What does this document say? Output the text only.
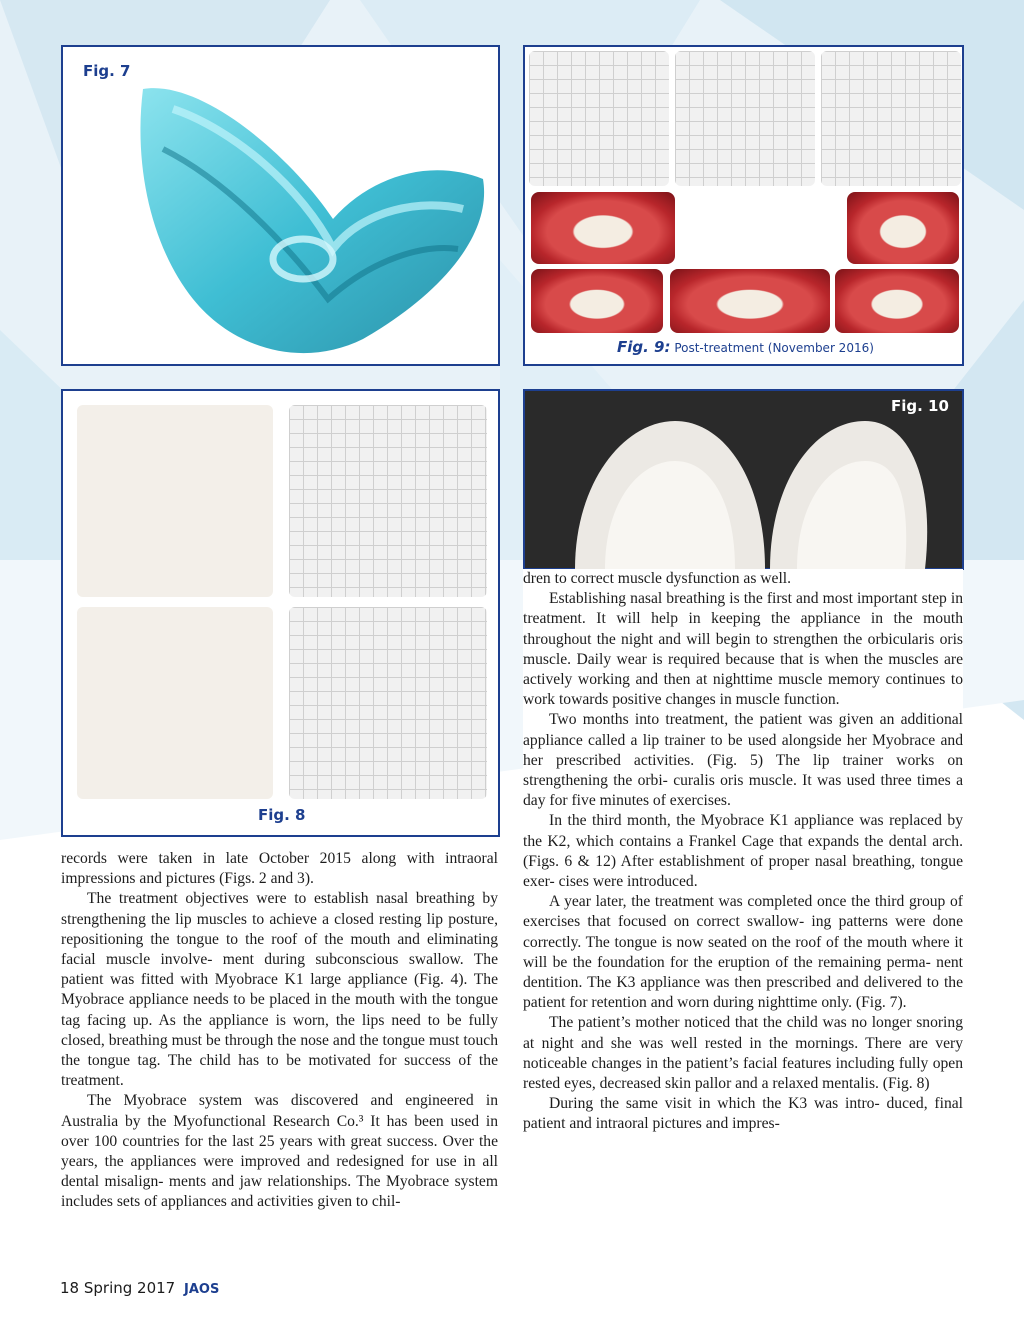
Fig. 7
Fig. 9: Post-treatment (November 2016)
Fig. 8
Fig. 10

records were taken in late October 2015 along with intraoral impressions and pictures (Figs. 2 and 3).

The treatment objectives were to establish nasal breathing by strengthening the lip muscles to achieve a closed resting lip posture, repositioning the tongue to the roof of the mouth and eliminating facial muscle involve- ment during subconscious swallow. The patient was fitted with Myobrace K1 large appliance (Fig. 4). The Myobrace appliance needs to be placed in the mouth with the tongue tag facing up. As the appliance is worn, the lips need to be fully closed, breathing must be through the nose and the tongue must touch the tongue tag. The child has to be motivated for success of the treatment.

The Myobrace system was discovered and engineered in Australia by the Myofunctional Research Co.³ It has been used in over 100 countries for the last 25 years with great success. Over the years, the appliances were improved and redesigned for use in all dental misalign- ments and jaw relationships. The Myobrace system includes sets of appliances and activities given to chil-

dren to correct muscle dysfunction as well.

Establishing nasal breathing is the first and most important step in treatment. It will help in keeping the appliance in the mouth throughout the night and will begin to strengthen the orbicularis oris muscle. Daily wear is required because that is when the muscles are actively working and then at nighttime muscle memory continues to work towards positive changes in muscle function.

Two months into treatment, the patient was given an additional appliance called a lip trainer to be used alongside her Myobrace and her prescribed activities. (Fig. 5) The lip trainer works on strengthening the orbi- curalis oris muscle. It was used three times a day for five minutes of exercises.

In the third month, the Myobrace K1 appliance was replaced by the K2, which contains a Frankel Cage that expands the dental arch. (Figs. 6 & 12) After establishment of proper nasal breathing, tongue exer- cises were introduced.

A year later, the treatment was completed once the third group of exercises that focused on correct swallow- ing patterns were done correctly. The tongue is now seated on the roof of the mouth where it will be the foundation for the eruption of the remaining perma- nent dentition. The K3 appliance was then prescribed and delivered to the patient for retention and worn during nighttime only. (Fig. 7).

The patient’s mother noticed that the child was no longer snoring at night and she was well rested in the mornings. There are very noticeable changes in the patient’s facial features including fully open rested eyes, decreased skin pallor and a relaxed mentalis. (Fig. 8)

During the same visit in which the K3 was intro- duced, final patient and intraoral pictures and impres-

18 Spring 2017 JAOS
